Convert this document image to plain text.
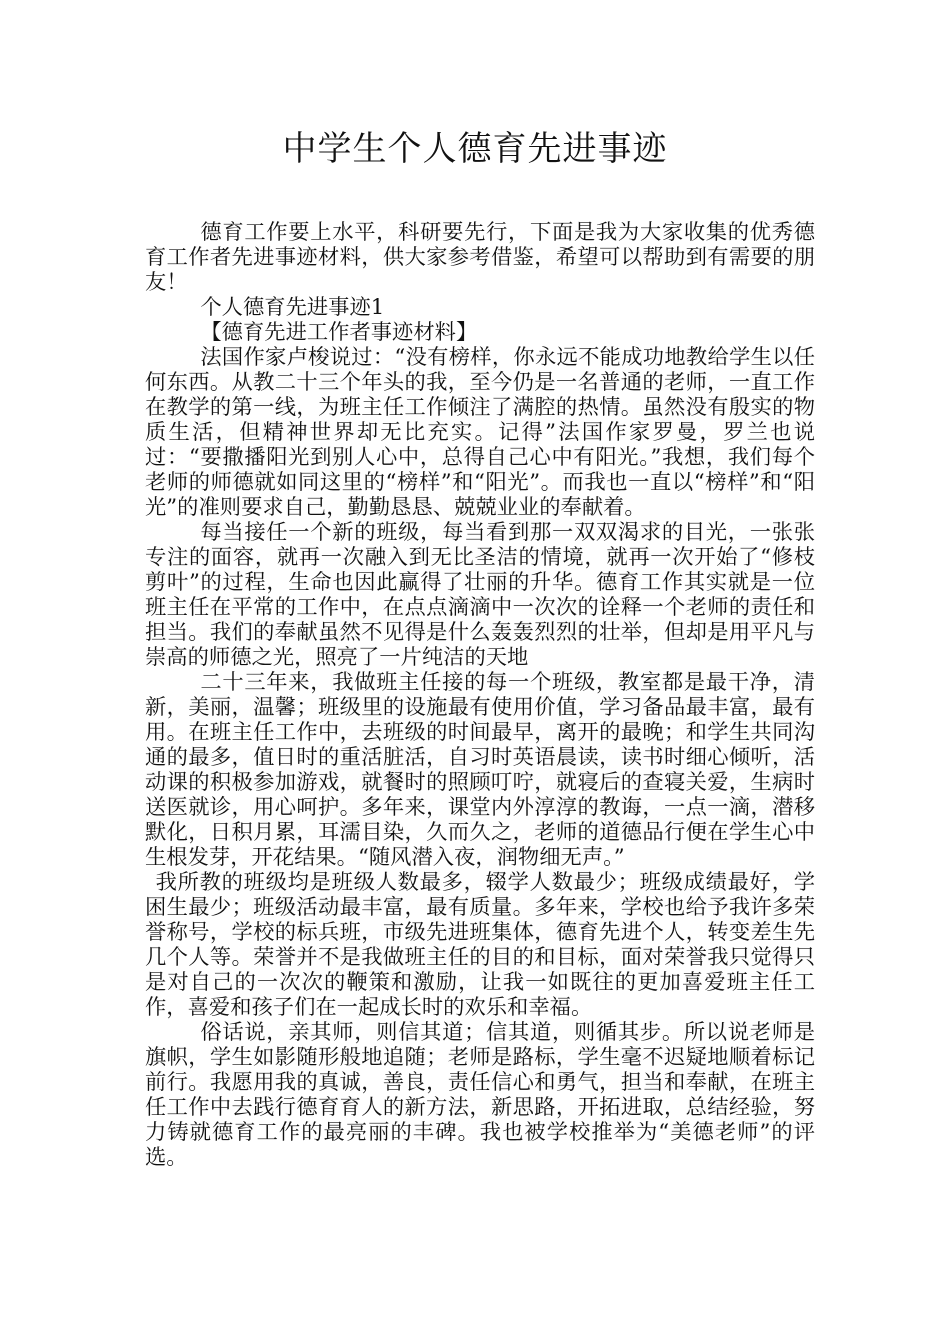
中学生个人德育先进事迹

德育工作要上水平，科研要先行，下面是我为大家收集的优秀德育工作者先进事迹材料，供大家参考借鉴，希望可以帮助到有需要的朋友！

个人德育先进事迹1

【德育先进工作者事迹材料】

法国作家卢梭说过：“没有榜样，你永远不能成功地教给学生以任何东西。从教二十三个年头的我，至今仍是一名普通的老师，一直工作在教学的第一线，为班主任工作倾注了满腔的热情。虽然没有殷实的物质生活，但精神世界却无比充实。记得”法国作家罗曼，罗兰也说过：“要撒播阳光到别人心中，总得自己心中有阳光。”我想，我们每个老师的师德就如同这里的“榜样”和“阳光”。而我也一直以“榜样”和“阳光”的准则要求自己，勤勤恳恳、兢兢业业的奉献着。

每当接任一个新的班级，每当看到那一双双渴求的目光，一张张专注的面容，就再一次融入到无比圣洁的情境，就再一次开始了“修枝剪叶”的过程，生命也因此赢得了壮丽的升华。德育工作其实就是一位班主任在平常的工作中，在点点滴滴中一次次的诠释一个老师的责任和担当。我们的奉献虽然不见得是什么轰轰烈烈的壮举，但却是用平凡与崇高的师德之光，照亮了一片纯洁的天地

二十三年来，我做班主任接的每一个班级，教室都是最干净，清新，美丽，温馨；班级里的设施最有使用价值，学习备品最丰富，最有用。在班主任工作中，去班级的时间最早，离开的最晚；和学生共同沟通的最多，值日时的重活脏活，自习时英语晨读，读书时细心倾听，活动课的积极参加游戏，就餐时的照顾叮咛，就寝后的查寝关爱，生病时送医就诊，用心呵护。多年来，课堂内外淳淳的教诲，一点一滴，潜移默化，日积月累，耳濡目染，久而久之，老师的道德品行便在学生心中生根发芽，开花结果。“随风潜入夜，润物细无声。”

我所教的班级均是班级人数最多，辍学人数最少；班级成绩最好，学困生最少；班级活动最丰富，最有质量。多年来，学校也给予我许多荣誉称号，学校的标兵班，市级先进班集体，德育先进个人，转变差生先几个人等。荣誉并不是我做班主任的目的和目标，面对荣誉我只觉得只是对自己的一次次的鞭策和激励，让我一如既往的更加喜爱班主任工作，喜爱和孩子们在一起成长时的欢乐和幸福。

俗话说，亲其师，则信其道；信其道，则循其步。所以说老师是旗帜，学生如影随形般地追随；老师是路标，学生毫不迟疑地顺着标记前行。我愿用我的真诚，善良，责任信心和勇气，担当和奉献，在班主任工作中去践行德育育人的新方法，新思路，开拓进取，总结经验，努力铸就德育工作的最亮丽的丰碑。我也被学校推举为“美德老师”的评选。
